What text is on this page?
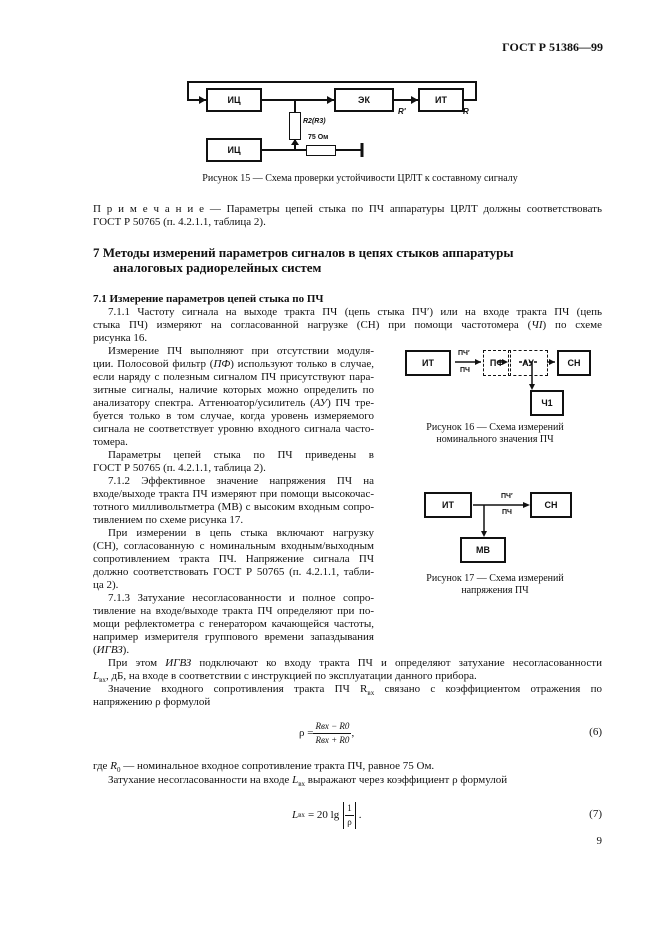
ГОСТ Р 51386—99
ИЦ	ЭК	ИТ
ИЦ
R'	R
R2(R3)
75 Ом
Рисунок 15 — Схема проверки устойчивости ЦРЛТ к составному сигналу
П р и м е ч а н и е — Параметры цепей стыка по ПЧ аппаратуры ЦРЛТ должны соответствовать
ГОСТ Р 50765 (п. 4.2.1.1, таблица 2).
7 Методы измерений параметров сигналов в цепях стыков аппаратуры
аналоговых радиорелейных систем
7.1 Измерение параметров цепей стыка по ПЧ
7.1.1 Частоту сигнала на выходе тракта ПЧ (цепь стыка ПЧ′) или на входе тракта ПЧ (цепь
стыка ПЧ) измеряют на согласованной нагрузке (СН) при помощи частотомера (ЧI) по схеме
рисунка 16.
Измерение ПЧ выполняют при отсутствии модуля-
ции. Полосовой фильтр (ПФ) используют только в случае,
если наряду с полезным сигналом ПЧ присутствуют пара-
зитные сигналы, наличие которых можно определить по
анализатору спектра. Аттенюатор/усилитель (АУ) ПЧ тре-
буется только в том случае, когда уровень измеряемого
сигнала не соответствует уровню входного сигнала часто-
томера.
Параметры цепей стыка по ПЧ приведены в
ГОСТ Р 50765 (п. 4.2.1.1, таблица 2).
7.1.2 Эффективное значение напряжения ПЧ на
входе/выходе тракта ПЧ измеряют при помощи высокочас-
тотного милливольтметра (МВ) с высоким входным сопро-
тивлением по схеме рисунка 17.
При измерении в цепь стыка включают нагрузку
(СН), согласованную с номинальным входным/выходным
сопротивлением тракта ПЧ. Напряжение сигнала ПЧ
должно соответствовать ГОСТ Р 50765 (п. 4.2.1.1, табли-
ца 2).
7.1.3 Затухание несогласованности и полное сопро-
тивление на входе/выходе тракта ПЧ определяют при по-
мощи рефлектометра с генератором качающейся частоты,
например измерителя группового времени запаздывания
(ИГВЗ).
При этом ИГВЗ подключают ко входу тракта ПЧ и определяют затухание несогласованности
$L_{вх}$, дБ, на входе в соответствии с инструкцией по эксплуатации данного прибора.
Значение входного сопротивления тракта ПЧ $R_{вх}$ связано с коэффициентом отражения по
напряжению ρ формулой
$\rho = \frac{\text{Rвх − R0}}{\text{Rвх + R0}}$ ,	(6)
где $R_0$ — номинальное входное сопротивление тракта ПЧ, равное 75 Ом.
Затухание несогласованности на входе $L_{вх}$ выражают через коэффициент ρ формулой
L вх = 20 $\lg \frac{1}{\rho}$ .	(7)
ИТ	ПФ	АУ	СН
Ч1
ПЧ′
ПЧ
Рисунок 16 — Схема измерений
номинального значения ПЧ
ИТ	СН
МВ
ПЧ′
ПЧ
Рисунок 17 — Схема измерений
напряжения ПЧ
9
